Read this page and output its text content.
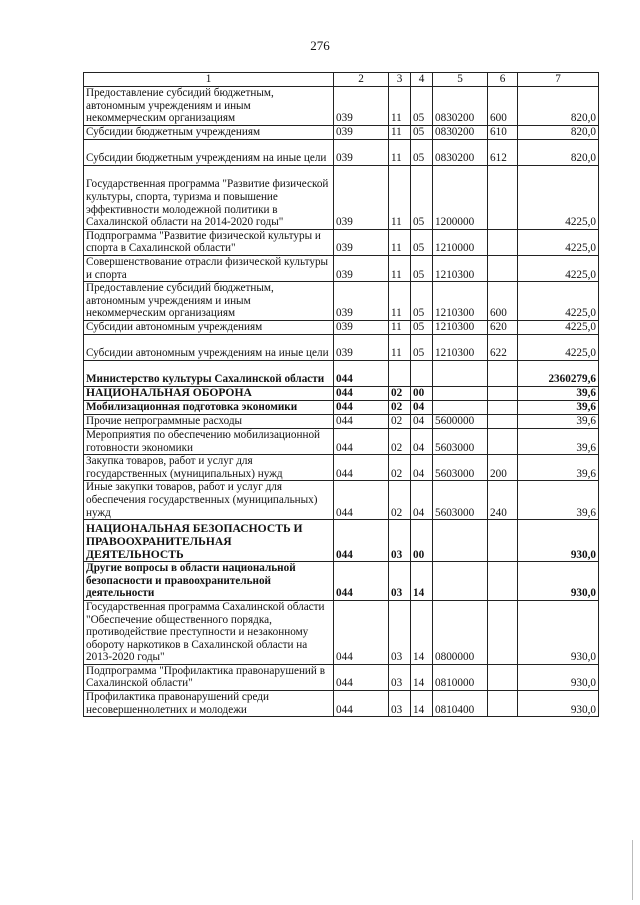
276
1	2	3	4	5	6	7
Предоставление субсидий бюджетным, автономным учреждениям и иным некоммерческим организациям	039	11	05	0830200	600	820,0
Субсидии бюджетным учреждениям	039	11	05	0830200	610	820,0
Субсидии бюджетным учреждениям на иные цели	039	11	05	0830200	612	820,0
Государственная программа "Развитие физической культуры, спорта, туризма и повышение эффективности молодежной политики в Сахалинской области на 2014-2020 годы"	039	11	05	1200000		4225,0
Подпрограмма "Развитие физической культуры и спорта в Сахалинской области"	039	11	05	1210000		4225,0
Совершенствование отрасли физической культуры и спорта	039	11	05	1210300		4225,0
Предоставление субсидий бюджетным, автономным учреждениям и иным некоммерческим организациям	039	11	05	1210300	600	4225,0
Субсидии автономным учреждениям	039	11	05	1210300	620	4225,0
Субсидии автономным учреждениям на иные цели	039	11	05	1210300	622	4225,0
Министерство культуры Сахалинской области	044					2360279,6
НАЦИОНАЛЬНАЯ ОБОРОНА	044	02	00			39,6
Мобилизационная подготовка экономики	044	02	04			39,6
Прочие непрограммные расходы	044	02	04	5600000		39,6
Мероприятия по обеспечению мобилизационной готовности экономики	044	02	04	5603000		39,6
Закупка товаров, работ и услуг для государственных (муниципальных) нужд	044	02	04	5603000	200	39,6
Иные закупки товаров, работ и услуг для обеспечения государственных (муниципальных) нужд	044	02	04	5603000	240	39,6
НАЦИОНАЛЬНАЯ БЕЗОПАСНОСТЬ И ПРАВООХРАНИТЕЛЬНАЯ ДЕЯТЕЛЬНОСТЬ	044	03	00			930,0
Другие вопросы в области национальной безопасности и правоохранительной деятельности	044	03	14			930,0
Государственная программа Сахалинской области "Обеспечение общественного порядка, противодействие преступности и незаконному обороту наркотиков в Сахалинской области на 2013-2020 годы"	044	03	14	0800000		930,0
Подпрограмма "Профилактика правонарушений в Сахалинской области"	044	03	14	0810000		930,0
Профилактика правонарушений среди несовершеннолетних и молодежи	044	03	14	0810400		930,0
